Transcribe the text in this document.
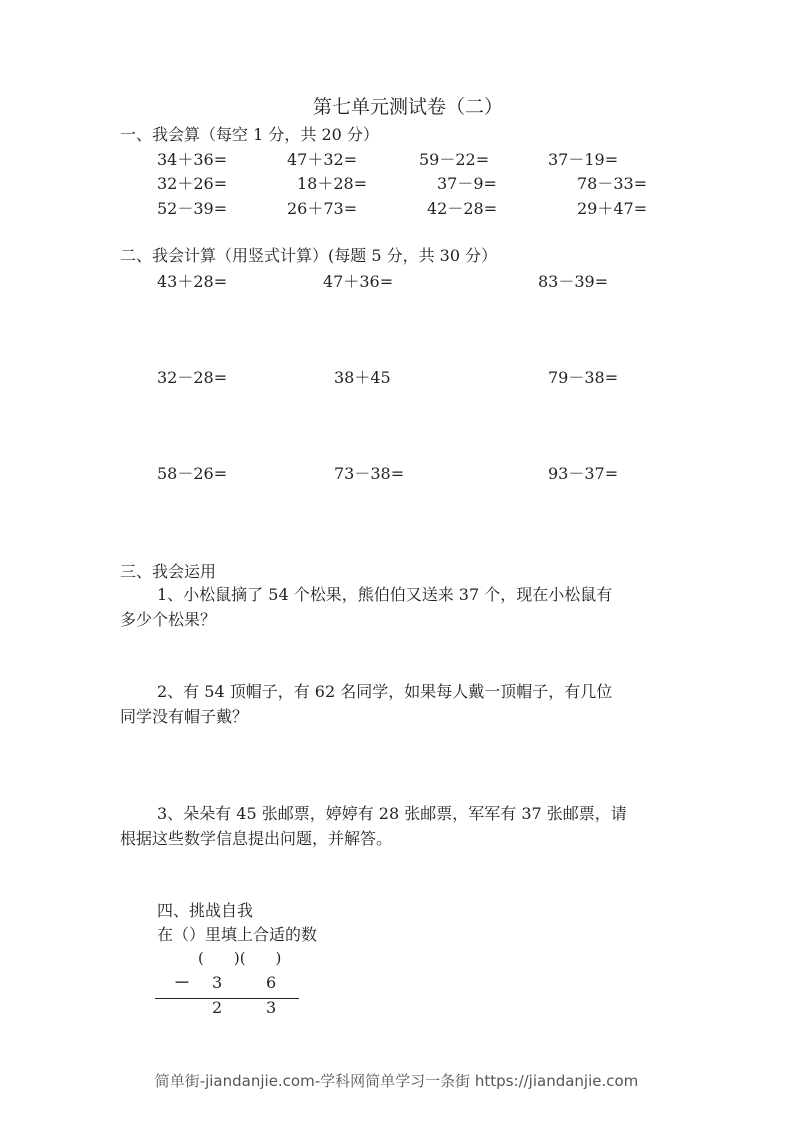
第七单元测试卷（二）
一、我会算（每空 1 分，共 20 分）
34＋36=	47＋32=	59－22=	37－19=
32＋26=	18＋28=	37－9=	78－33=
52－39=	26＋73=	42－28=	29＋47=
二、我会计算（用竖式计算）(每题 5 分，共 30 分）
43＋28=	47＋36=	83－39=
32－28=	38＋45	79－38=
58－26=	73－38=	93－37=
三、我会运用
1、小松鼠摘了 54 个松果，熊伯伯又送来 37 个，现在小松鼠有
多少个松果？
2、有 54 顶帽子，有 62 名同学，如果每人戴一顶帽子，有几位
同学没有帽子戴？
3、朵朵有 45 张邮票，婷婷有 28 张邮票，军军有 37 张邮票，请
根据这些数学信息提出问题，并解答。
四、挑战自我
在（）里填上合适的数
(　　)(　　)
－ 3	6
2	3
简单街-jiandanjie.com-学科网简单学习一条街 https://jiandanjie.com
